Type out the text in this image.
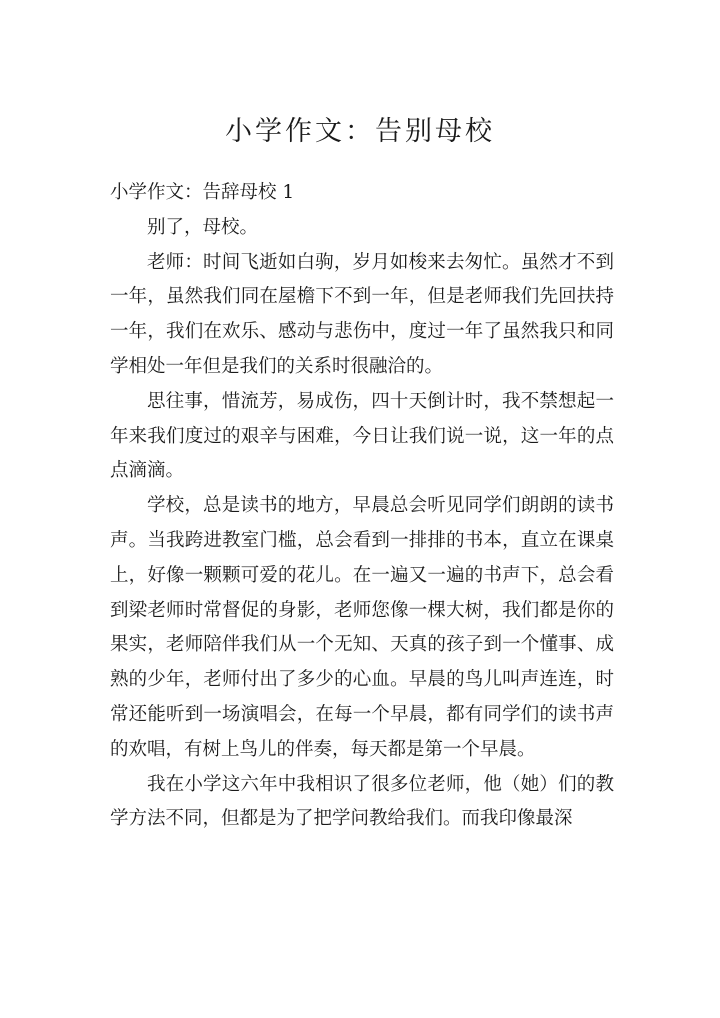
小学作文：告别母校

小学作文：告辞母校 1

别了，母校。

老师：时间飞逝如白驹，岁月如梭来去匆忙。虽然才不到一年，虽然我们同在屋檐下不到一年，但是老师我们先回扶持一年，我们在欢乐、感动与悲伤中，度过一年了虽然我只和同学相处一年但是我们的关系时很融洽的。

思往事，惜流芳，易成伤，四十天倒计时，我不禁想起一年来我们度过的艰辛与困难，今日让我们说一说，这一年的点点滴滴。

学校，总是读书的地方，早晨总会听见同学们朗朗的读书声。当我跨进教室门槛，总会看到一排排的书本，直立在课桌上，好像一颗颗可爱的花儿。在一遍又一遍的书声下，总会看到梁老师时常督促的身影，老师您像一棵大树，我们都是你的果实，老师陪伴我们从一个无知、天真的孩子到一个懂事、成熟的少年，老师付出了多少的心血。早晨的鸟儿叫声连连，时常还能听到一场演唱会，在每一个早晨，都有同学们的读书声的欢唱，有树上鸟儿的伴奏，每天都是第一个早晨。

我在小学这六年中我相识了很多位老师，他（她）们的教学方法不同，但都是为了把学问教给我们。而我印像最深
